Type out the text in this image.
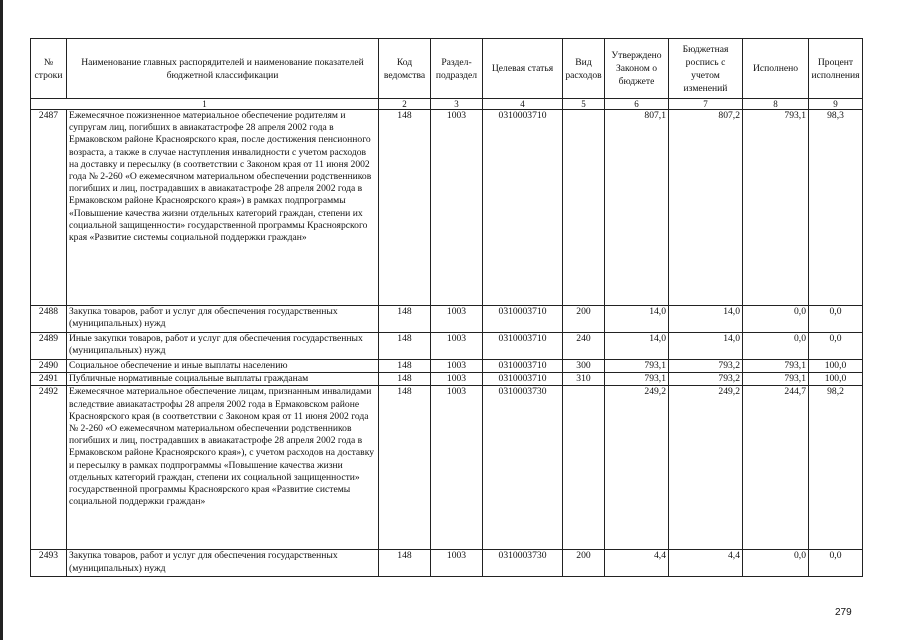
№ строки	Наименование главных распорядителей и наименование показателей бюджетной классификации	Код ведомства	Раздел-подраздел	Целевая статья	Вид расходов	Утверждено Законом о бюджете	Бюджетная роспись с учетом изменений	Исполнено	Процент исполнения
1		2	3	4	5	6	7	8	9
2487	Ежемесячное пожизненное материальное обеспечение родителям и супругам лиц, погибших в авиакатастрофе 28 апреля 2002 года в Ермаковском районе Красноярского края, после достижения пенсионного возраста, а также в случае наступления инвалидности с учетом расходов на доставку и пересылку (в соответствии с Законом края от 11 июня 2002 года № 2-260 «О ежемесячном материальном обеспечении родственников погибших и лиц, пострадавших в авиакатастрофе 28 апреля 2002 года в Ермаковском районе Красноярского края») в рамках подпрограммы «Повышение качества жизни отдельных категорий граждан, степени их социальной защищенности» государственной программы Красноярского края «Развитие системы социальной поддержки граждан»	148	1003	0310003710		807,1	807,2	793,1	98,3
2488	Закупка товаров, работ и услуг для обеспечения государственных (муниципальных) нужд	148	1003	0310003710	200	14,0	14,0	0,0	0,0
2489	Иные закупки товаров, работ и услуг для обеспечения государственных (муниципальных) нужд	148	1003	0310003710	240	14,0	14,0	0,0	0,0
2490	Социальное обеспечение и иные выплаты населению	148	1003	0310003710	300	793,1	793,2	793,1	100,0
2491	Публичные нормативные социальные выплаты гражданам	148	1003	0310003710	310	793,1	793,2	793,1	100,0
2492	Ежемесячное материальное обеспечение лицам, признанным инвалидами вследствие авиакатастрофы 28 апреля 2002 года в Ермаковском районе Красноярского края (в соответствии с Законом края от 11 июня 2002 года № 2-260 «О ежемесячном материальном обеспечении родственников погибших и лиц, пострадавших в авиакатастрофе 28 апреля 2002 года в Ермаковском районе Красноярского края»), с учетом расходов на доставку и пересылку в рамках подпрограммы «Повышение качества жизни отдельных категорий граждан, степени их социальной защищенности» государственной программы Красноярского края «Развитие системы социальной поддержки граждан»	148	1003	0310003730		249,2	249,2	244,7	98,2
2493	Закупка товаров, работ и услуг для обеспечения государственных (муниципальных) нужд	148	1003	0310003730	200	4,4	4,4	0,0	0,0
279
